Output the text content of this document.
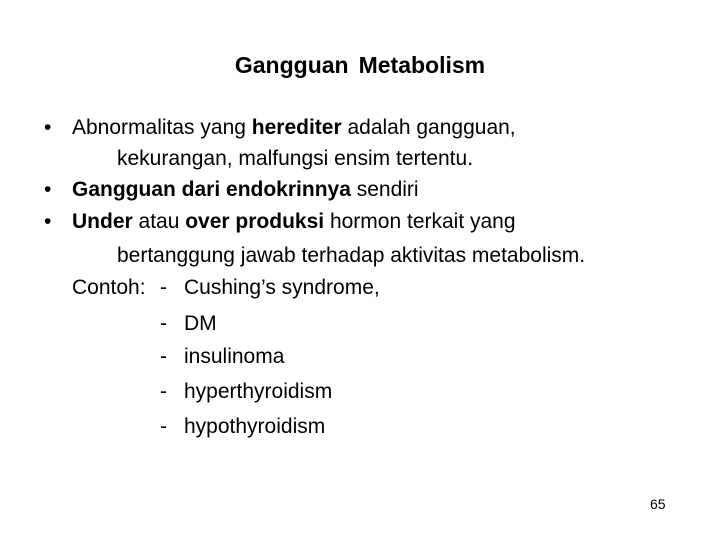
Gangguan Metabolism
• Abnormalitas yang herediter adalah gangguan,
kekurangan, malfungsi ensim tertentu.
• Gangguan dari endokrinnya sendiri
• Under atau over produksi hormon terkait yang
bertanggung jawab terhadap aktivitas metabolism.
Contoh: - Cushing’s syndrome,
- DM
- insulinoma
- hyperthyroidism
- hypothyroidism
65
